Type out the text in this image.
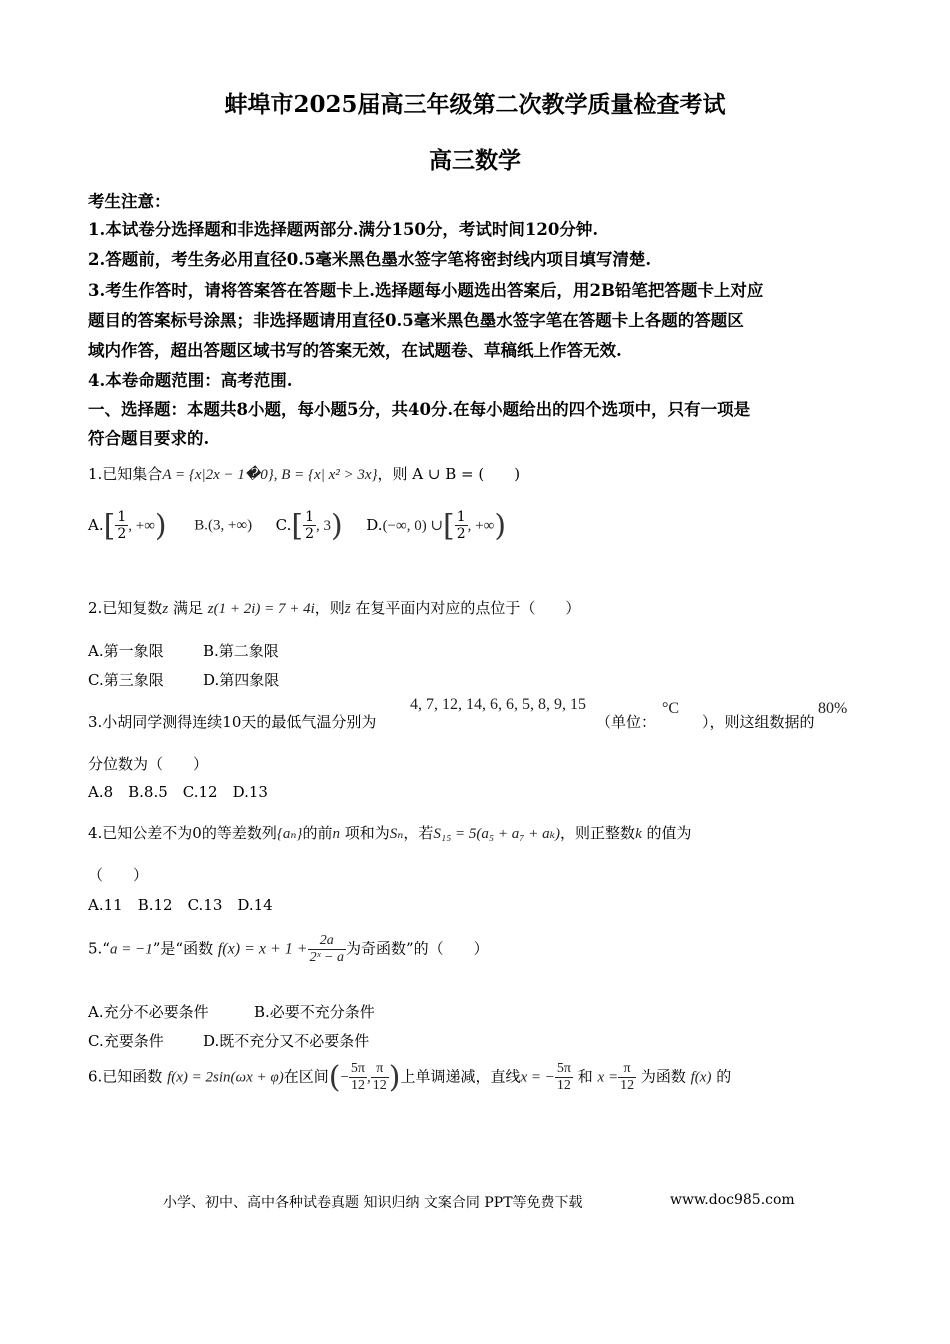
蚌埠市2025届高三年级第二次教学质量检查考试
高三数学
考生注意：
1.本试卷分选择题和非选择题两部分.满分150分，考试时间120分钟.
2.答题前，考生务必用直径0.5毫米黑色墨水签字笔将密封线内项目填写清楚.
3.考生作答时，请将答案答在答题卡上.选择题每小题选出答案后，用2B铅笔把答题卡上对应
题目的答案标号涂黑；非选择题请用直径0.5毫米黑色墨水签字笔在答题卡上各题的答题区
域内作答，超出答题区域书写的答案无效，在试题卷、草稿纸上作答无效.
4.本卷命题范围：高考范围.
一、选择题：本题共8小题，每小题5分，共40分.在每小题给出的四个选项中，只有一项是
符合题目要求的.
1.已知集合A = {x|2x − 1�0}, B = {x| x² > 3x}，则 A ∪ B = (　　)
$A.[ \frac{1}{2}$ , +∞) B.(3, +∞) $C.[ \frac{1}{2}$ , 3) D.(−∞, 0) ∪[ $\frac{1}{2}$ , +∞)
2.已知复数z 满足 z(1 + 2i) = 7 + 4i，则z̄ 在复平面内对应的点位于（　　）
A.第一象限	B.第二象限
C.第三象限	D.第四象限
3.小胡同学测得连续10天的最低气温分别为
4, 7, 12, 14, 6, 6, 5, 8, 9, 15
（单位：
°C
），则这组数据的
80%
分位数为（　　）
A.8　B.8.5　C.12　D.13
4.已知公差不为0的等差数列{aₙ}的前n 项和为Sₙ，若S₁₅ = 5(a₅ + a₇ + aₖ)，则正整数k 的值为
（　　）
A.11　B.12　C.13　D.14
5.“a = −1”是“函数 $f(x) = x + 1 + \frac{2a}{\text{2ˣ − a}}$ 为奇函数”的（　　）
A.充分不必要条件	B.必要不充分条件
C.充要条件	D.既不充分又不必要条件
6.已知函数 f(x) = 2sin(ωx + φ)在区间(− $\frac{5\pi}{12}$ , $\frac{\pi}{12}$ )上单调递减，直线x = − $\frac{5\pi}{12}$ 和 $x = \frac{\pi}{12}$ 为函数 f(x) 的
小学、初中、高中各种试卷真题 知识归纳 文案合同 PPT等免费下载	www.doc985.com
